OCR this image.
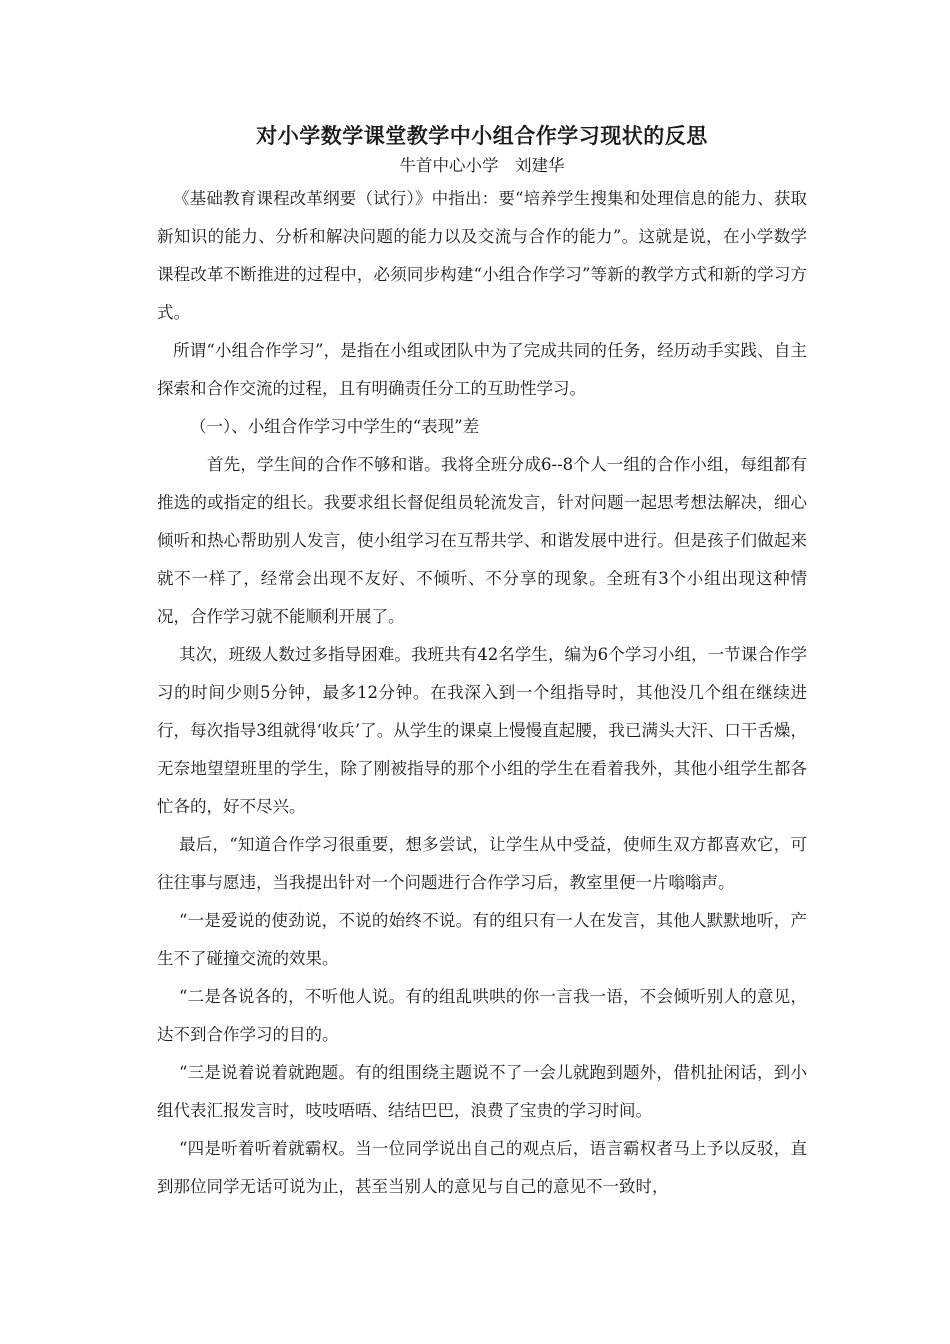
对小学数学课堂教学中小组合作学习现状的反思

牛首中心小学　刘建华

《基础教育课程改革纲要（试行）》中指出：要“培养学生搜集和处理信息的能力、获取新知识的能力、分析和解决问题的能力以及交流与合作的能力”。这就是说，在小学数学课程改革不断推进的过程中，必须同步构建“小组合作学习”等新的教学方式和新的学习方式。

所谓“小组合作学习”，是指在小组或团队中为了完成共同的任务，经历动手实践、自主探索和合作交流的过程，且有明确责任分工的互助性学习。

（一）、小组合作学习中学生的“表现”差

首先，学生间的合作不够和谐。我将全班分成6--8个人一组的合作小组，每组都有推选的或指定的组长。我要求组长督促组员轮流发言，针对问题一起思考想法解决，细心倾听和热心帮助别人发言，使小组学习在互帮共学、和谐发展中进行。但是孩子们做起来就不一样了，经常会出现不友好、不倾听、不分享的现象。全班有3个小组出现这种情况，合作学习就不能顺利开展了。

其次，班级人数过多指导困难。我班共有42名学生，编为6个学习小组，一节课合作学习的时间少则5分钟，最多12分钟。在我深入到一个组指导时，其他没几个组在继续进行，每次指导3组就得‘收兵’了。从学生的课桌上慢慢直起腰，我已满头大汗、口干舌燥，无奈地望望班里的学生，除了刚被指导的那个小组的学生在看着我外，其他小组学生都各忙各的，好不尽兴。

最后，“知道合作学习很重要，想多尝试，让学生从中受益，使师生双方都喜欢它，可往往事与愿违，当我提出针对一个问题进行合作学习后，教室里便一片嗡嗡声。

“一是爱说的使劲说，不说的始终不说。有的组只有一人在发言，其他人默默地听，产生不了碰撞交流的效果。

“二是各说各的，不听他人说。有的组乱哄哄的你一言我一语，不会倾听别人的意见，达不到合作学习的目的。

“三是说着说着就跑题。有的组围绕主题说不了一会儿就跑到题外，借机扯闲话，到小组代表汇报发言时，吱吱唔唔、结结巴巴，浪费了宝贵的学习时间。

“四是听着听着就霸权。当一位同学说出自己的观点后，语言霸权者马上予以反驳，直到那位同学无话可说为止，甚至当别人的意见与自己的意见不一致时，
